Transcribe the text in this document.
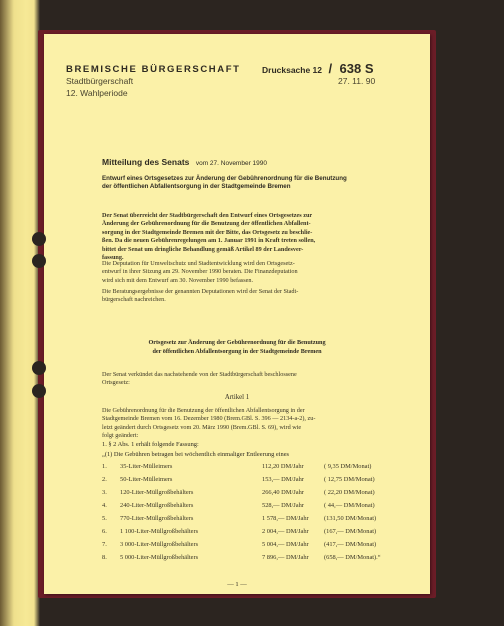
BREMISCHE BÜRGERSCHAFT
Stadtbürgerschaft
12. Wahlperiode
Drucksache 12 / 638 S
27. 11. 90
Mitteilung des Senats vom 27. November 1990
Entwurf eines Ortsgesetzes zur Änderung der Gebührenordnung für die Benutzung
der öffentlichen Abfallentsorgung in der Stadtgemeinde Bremen
Der Senat überreicht der Stadtbürgerschaft den Entwurf eines Ortsgesetzes zur
Änderung der Gebührenordnung für die Benutzung der öffentlichen Abfallent-
sorgung in der Stadtgemeinde Bremen mit der Bitte, das Ortsgesetz zu beschlie-
ßen. Da die neuen Gebührenregelungen am 1. Januar 1991 in Kraft treten sollen,
bittet der Senat um dringliche Behandlung gemäß Artikel 89 der Landesver-
fassung.
Die Deputation für Umweltschutz und Stadtentwicklung wird den Ortsgesetz-
entwurf in ihrer Sitzung am 29. November 1990 beraten. Die Finanzdeputation
wird sich mit dem Entwurf am 30. November 1990 befassen.
Die Beratungsergebnisse der genannten Deputationen wird der Senat der Stadt-
bürgerschaft nachreichen.
Ortsgesetz zur Änderung der Gebührenordnung für die Benutzung
der öffentlichen Abfallentsorgung in der Stadtgemeinde Bremen
Der Senat verkündet das nachstehende von der Stadtbürgerschaft beschlossene
Ortsgesetz:
Artikel 1
Die Gebührenordnung für die Benutzung der öffentlichen Abfallentsorgung in der
Stadtgemeinde Bremen vom 16. Dezember 1980 (Brem.GBl. S. 396 — 2134-a-2), zu-
letzt geändert durch Ortsgesetz vom 20. März 1990 (Brem.GBl. S. 69), wird wie
folgt geändert:
1. § 2 Abs. 1 erhält folgende Fassung:
„(1) Die Gebühren betragen bei wöchentlich einmaliger Entleerung eines
1. 35-Liter-Mülleimers	112,20 DM/Jahr	( 9,35 DM/Monat)
2. 50-Liter-Mülleimers	153,— DM/Jahr	( 12,75 DM/Monat)
3. 120-Liter-Müllgroßbehälters	266,40 DM/Jahr	( 22,20 DM/Monat)
4. 240-Liter-Müllgroßbehälters	528,— DM/Jahr	( 44,— DM/Monat)
5. 770-Liter-Müllgroßbehälters	1 578,— DM/Jahr (131,50 DM/Monat)
6. 1 100-Liter-Müllgroßbehälters	2 004,— DM/Jahr (167,— DM/Monat)
7. 3 000-Liter-Müllgroßbehälters	5 004,— DM/Jahr (417,— DM/Monat)
8. 5 000-Liter-Müllgroßbehälters	7 896,— DM/Jahr (658,— DM/Monat).“
— 1 —
